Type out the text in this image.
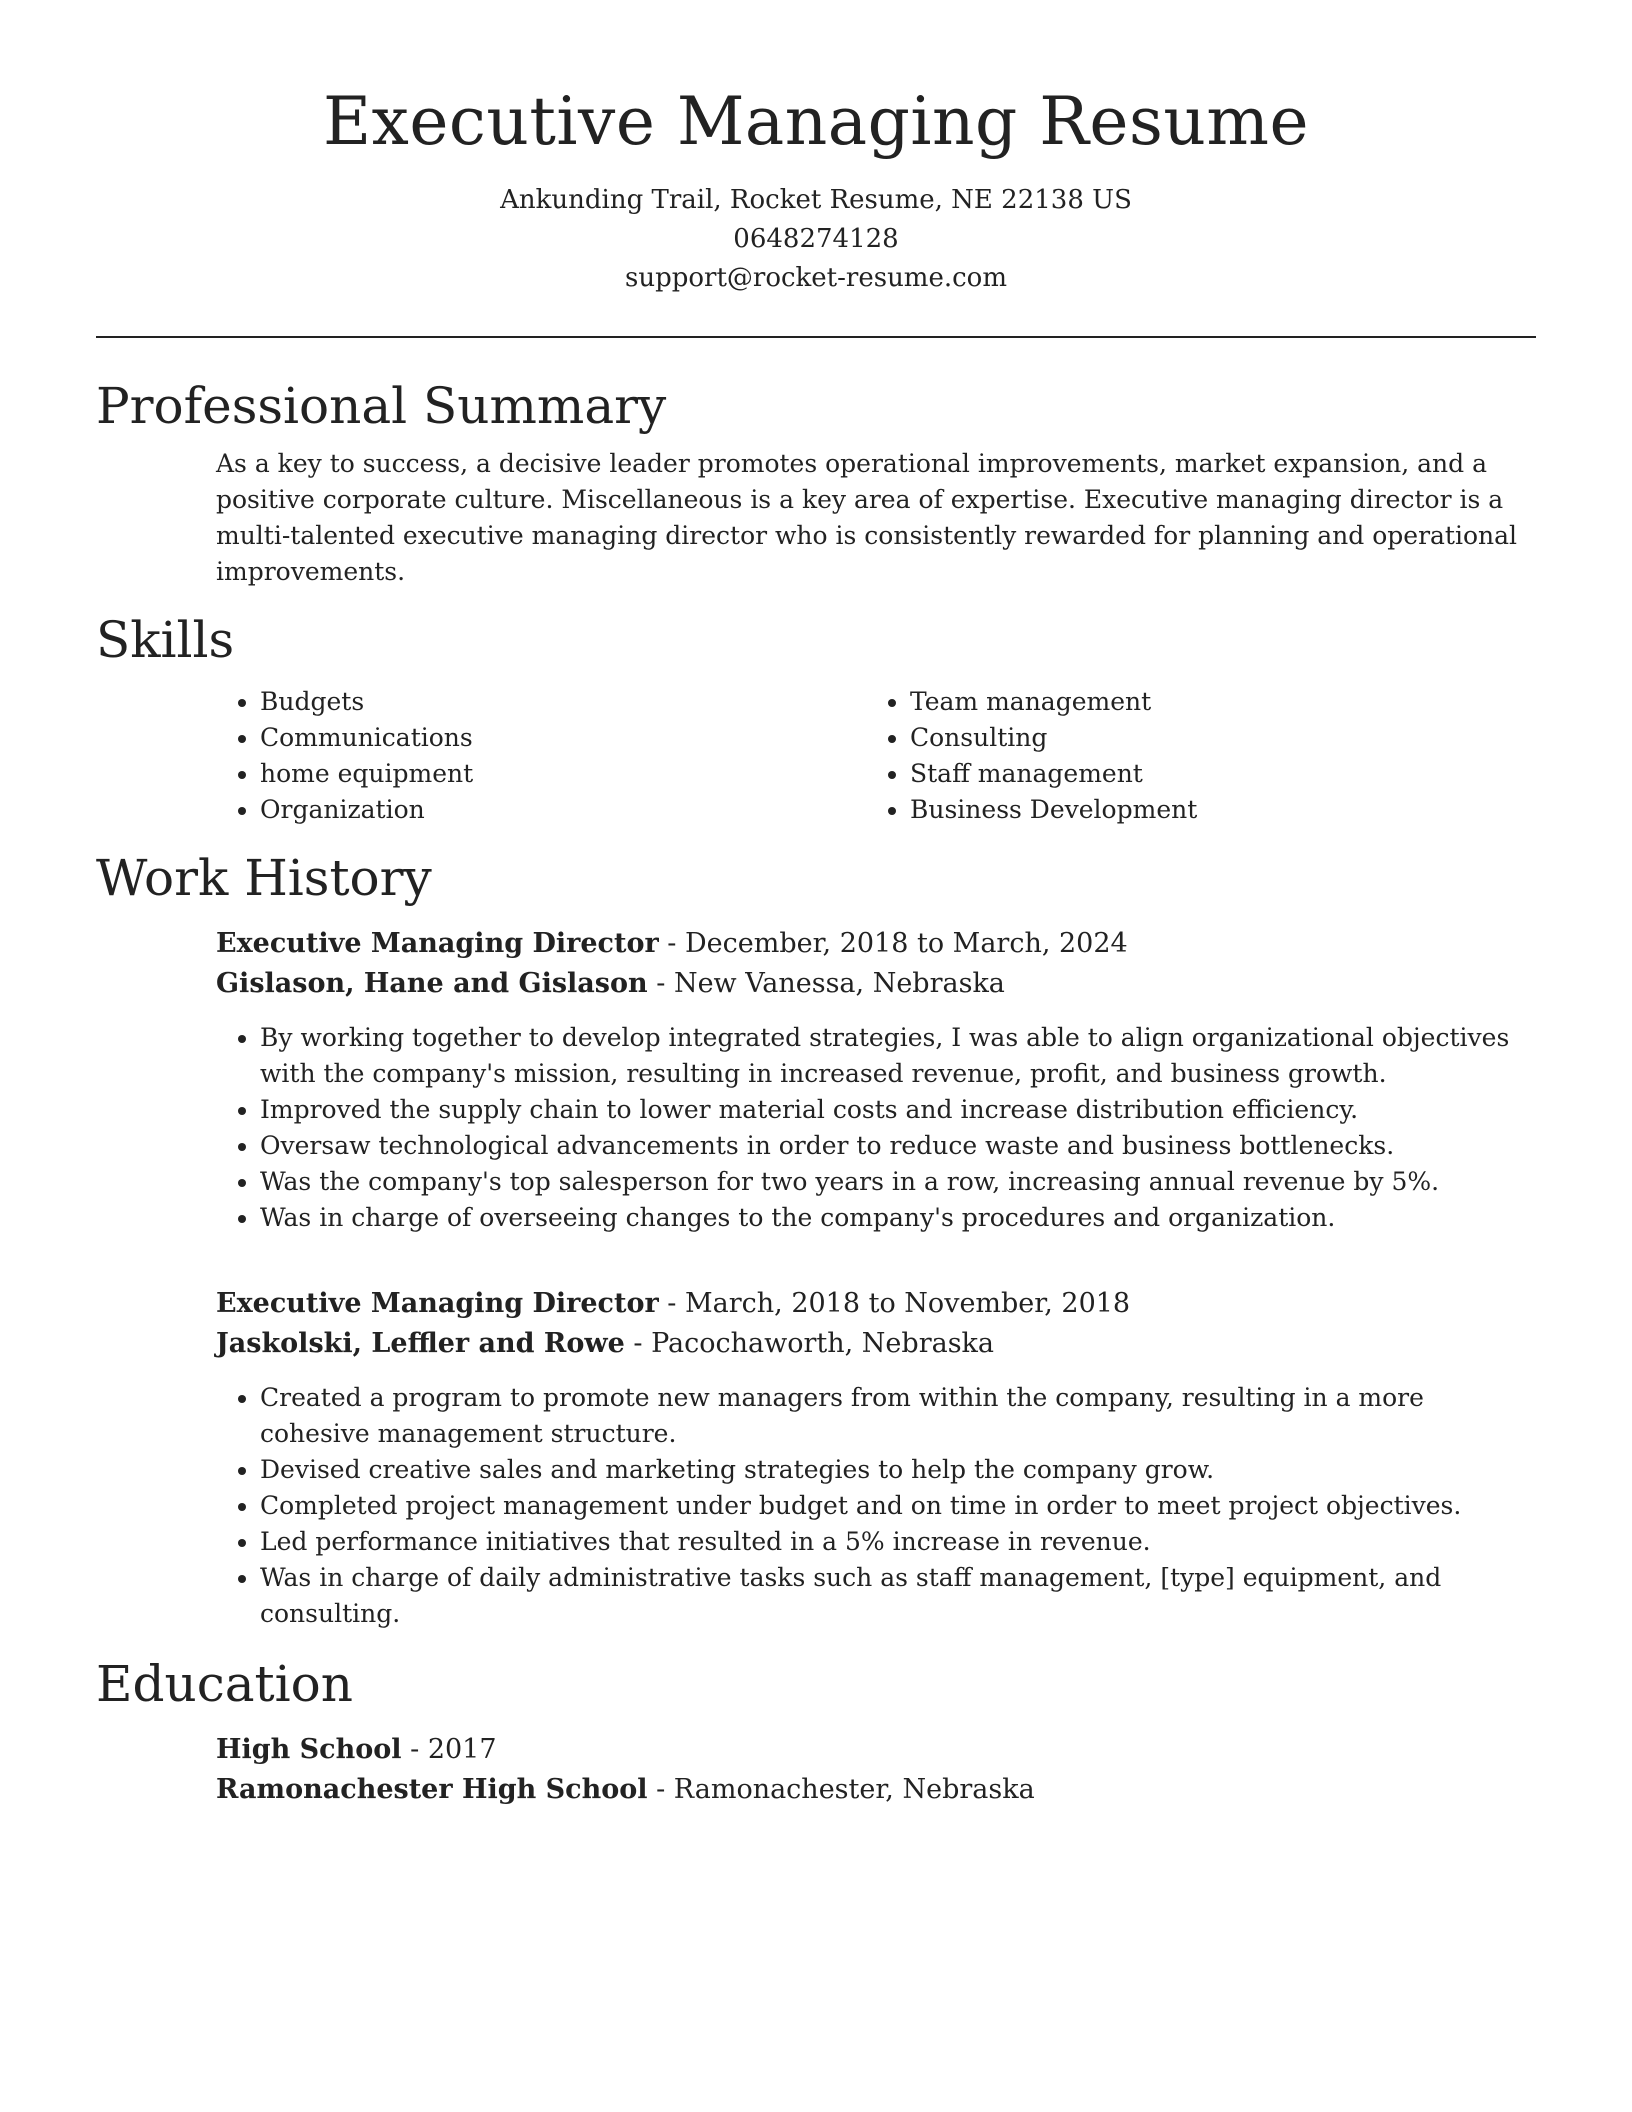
Executive Managing Resume
Ankunding Trail, Rocket Resume, NE 22138 US
0648274128
support@rocket-resume.com
Professional Summary

As a key to success, a decisive leader promotes operational improvements, market expansion, and a positive corporate culture. Miscellaneous is a key area of expertise. Executive managing director is a multi-talented executive managing director who is consistently rewarded for planning and operational improvements.

Skills
• Budgets
• Communications
• home equipment
• Organization
• Team management
• Consulting
• Staff management
• Business Development
Work History
Executive Managing Director - December, 2018 to March, 2024
Gislason, Hane and Gislason - New Vanessa, Nebraska
• By working together to develop integrated strategies, I was able to align organizational objectives with the company's mission, resulting in increased revenue, profit, and business growth.
• Improved the supply chain to lower material costs and increase distribution efficiency.
• Oversaw technological advancements in order to reduce waste and business bottlenecks.
• Was the company's top salesperson for two years in a row, increasing annual revenue by 5%.
• Was in charge of overseeing changes to the company's procedures and organization.
Executive Managing Director - March, 2018 to November, 2018
Jaskolski, Leffler and Rowe - Pacochaworth, Nebraska
• Created a program to promote new managers from within the company, resulting in a more cohesive management structure.
• Devised creative sales and marketing strategies to help the company grow.
• Completed project management under budget and on time in order to meet project objectives.
• Led performance initiatives that resulted in a 5% increase in revenue.
• Was in charge of daily administrative tasks such as staff management, [type] equipment, and consulting.
Education
High School - 2017
Ramonachester High School - Ramonachester, Nebraska
